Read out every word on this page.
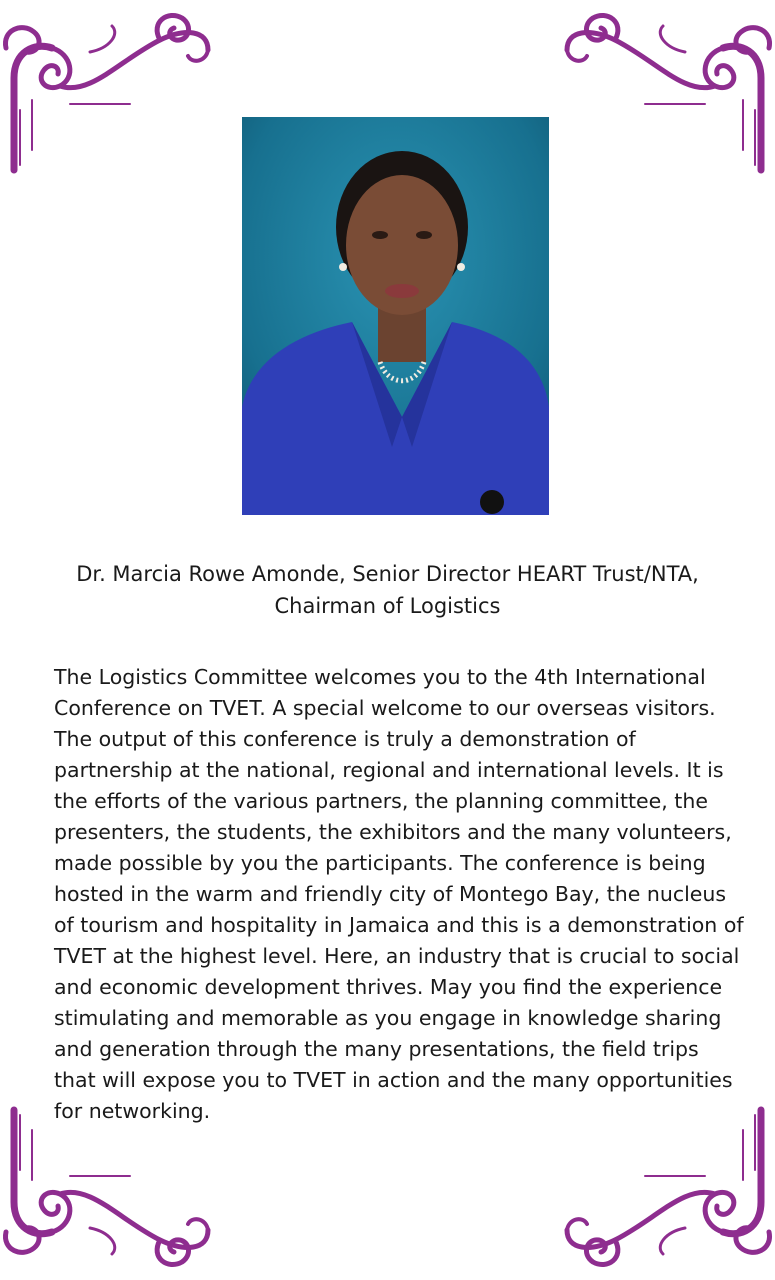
Dr. Marcia Rowe Amonde, Senior Director HEART Trust/NTA,
Chairman of Logistics

The Logistics Committee welcomes you to the 4th International Conference on TVET. A special welcome to our overseas visitors. The output of this conference is truly a demonstration of partnership at the national, regional and international levels. It is the efforts of the various partners, the planning committee, the presenters, the students, the exhibitors and the many volunteers, made possible by you the participants. The conference is being hosted in the warm and friendly city of Montego Bay, the nucleus of tourism and hospitality in Jamaica and this is a demonstration of TVET at the highest level. Here, an industry that is crucial to social and economic development thrives. May you find the experience stimulating and memorable as you engage in knowledge sharing and generation through the many presentations, the field trips that will expose you to TVET in action and the many opportunities for networking.
